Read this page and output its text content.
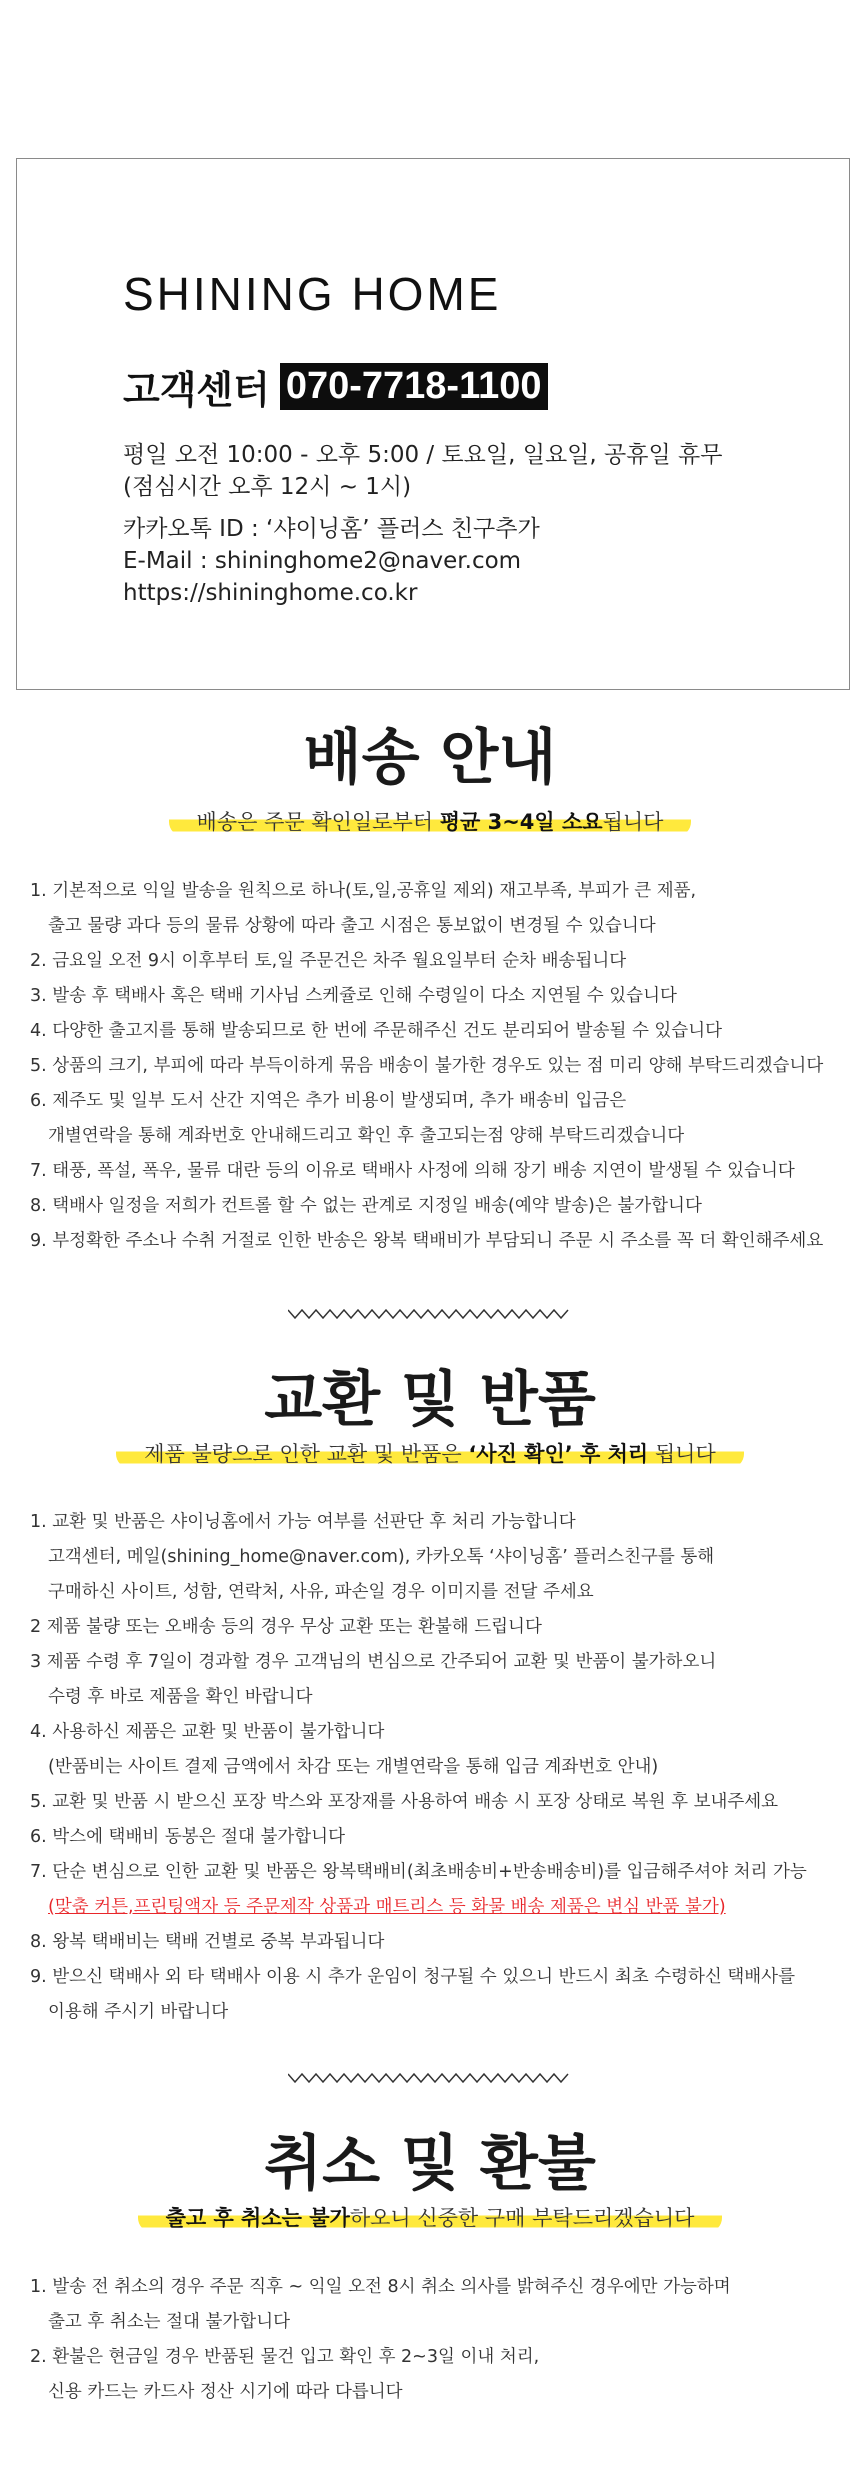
SHINING HOME
고객센터 070-7718-1100
평일 오전 10:00 - 오후 5:00 / 토요일, 일요일, 공휴일 휴무
(점심시간 오후 12시 ~ 1시)
카카오톡 ID : ‘샤이닝홈’ 플러스 친구추가
E-Mail : shininghome2@naver.com
https://shininghome.co.kr
배송 안내
배송은 주문 확인일로부터 평균 3~4일 소요됩니다
1. 기본적으로 익일 발송을 원칙으로 하나(토,일,공휴일 제외) 재고부족, 부피가 큰 제품,

출고 물량 과다 등의 물류 상황에 따라 출고 시점은 통보없이 변경될 수 있습니다
2. 금요일 오전 9시 이후부터 토,일 주문건은 차주 월요일부터 순차 배송됩니다
3. 발송 후 택배사 혹은 택배 기사님 스케쥴로 인해 수령일이 다소 지연될 수 있습니다
4. 다양한 출고지를 통해 발송되므로 한 번에 주문해주신 건도 분리되어 발송될 수 있습니다
5. 상품의 크기, 부피에 따라 부득이하게 묶음 배송이 불가한 경우도 있는 점 미리 양해 부탁드리겠습니다
6. 제주도 및 일부 도서 산간 지역은 추가 비용이 발생되며, 추가 배송비 입금은

개별연락을 통해 계좌번호 안내해드리고 확인 후 출고되는점 양해 부탁드리겠습니다
7. 태풍, 폭설, 폭우, 물류 대란 등의 이유로 택배사 사정에 의해 장기 배송 지연이 발생될 수 있습니다
8. 택배사 일정을 저희가 컨트롤 할 수 없는 관계로 지정일 배송(예약 발송)은 불가합니다
9. 부정확한 주소나 수취 거절로 인한 반송은 왕복 택배비가 부담되니 주문 시 주소를 꼭 더 확인해주세요
교환 및 반품
제품 불량으로 인한 교환 및 반품은 ‘사진 확인’ 후 처리 됩니다
1. 교환 및 반품은 샤이닝홈에서 가능 여부를 선판단 후 처리 가능합니다

고객센터, 메일(shining_home@naver.com), 카카오톡 ‘샤이닝홈’ 플러스친구를 통해
구매하신 사이트, 성함, 연락처, 사유, 파손일 경우 이미지를 전달 주세요
2 제품 불량 또는 오배송 등의 경우 무상 교환 또는 환불해 드립니다
3 제품 수령 후 7일이 경과할 경우 고객님의 변심으로 간주되어 교환 및 반품이 불가하오니

수령 후 바로 제품을 확인 바랍니다
4. 사용하신 제품은 교환 및 반품이 불가합니다

(반품비는 사이트 결제 금액에서 차감 또는 개별연락을 통해 입금 계좌번호 안내)
5. 교환 및 반품 시 받으신 포장 박스와 포장재를 사용하여 배송 시 포장 상태로 복원 후 보내주세요
6. 박스에 택배비 동봉은 절대 불가합니다
7. 단순 변심으로 인한 교환 및 반품은 왕복택배비(최초배송비+반송배송비)를 입금해주셔야 처리 가능
(맞춤 커튼,프린팅액자 등 주문제작 상품과 매트리스 등 화물 배송 제품은 변심 반품 불가)
8. 왕복 택배비는 택배 건별로 중복 부과됩니다
9. 받으신 택배사 외 타 택배사 이용 시 추가 운임이 청구될 수 있으니 반드시 최초 수령하신 택배사를

이용해 주시기 바랍니다
취소 및 환불
출고 후 취소는 불가하오니 신중한 구매 부탁드리겠습니다
1. 발송 전 취소의 경우 주문 직후 ~ 익일 오전 8시 취소 의사를 밝혀주신 경우에만 가능하며

출고 후 취소는 절대 불가합니다
2. 환불은 현금일 경우 반품된 물건 입고 확인 후 2~3일 이내 처리,

신용 카드는 카드사 정산 시기에 따라 다릅니다
